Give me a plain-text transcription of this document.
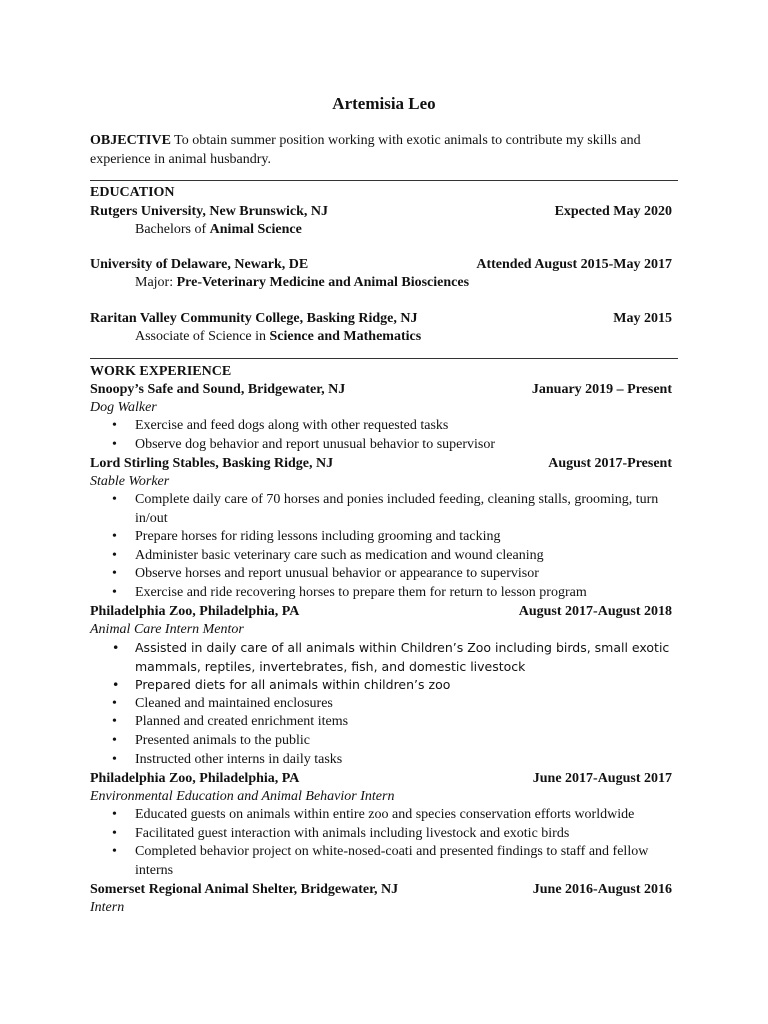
Artemisia Leo
OBJECTIVE To obtain summer position working with exotic animals to contribute my skills and experience in animal husbandry.
EDUCATION
Rutgers University, New Brunswick, NJ	Expected May 2020
Bachelors of Animal Science
University of Delaware, Newark, DE	Attended August 2015-May 2017
Major: Pre-Veterinary Medicine and Animal Biosciences
Raritan Valley Community College, Basking Ridge, NJ	May 2015
Associate of Science in Science and Mathematics
WORK EXPERIENCE
Snoopy’s Safe and Sound, Bridgewater, NJ	January 2019 – Present
Dog Walker
• Exercise and feed dogs along with other requested tasks
• Observe dog behavior and report unusual behavior to supervisor
Lord Stirling Stables, Basking Ridge, NJ	August 2017-Present
Stable Worker
• Complete daily care of 70 horses and ponies included feeding, cleaning stalls, grooming, turn in/out
• Prepare horses for riding lessons including grooming and tacking
• Administer basic veterinary care such as medication and wound cleaning
• Observe horses and report unusual behavior or appearance to supervisor
• Exercise and ride recovering horses to prepare them for return to lesson program
Philadelphia Zoo, Philadelphia, PA	August 2017-August 2018
Animal Care Intern Mentor
• Assisted in daily care of all animals within Children’s Zoo including birds, small exotic mammals, reptiles, invertebrates, fish, and domestic livestock
• Prepared diets for all animals within children’s zoo
• Cleaned and maintained enclosures
• Planned and created enrichment items
• Presented animals to the public
• Instructed other interns in daily tasks
Philadelphia Zoo, Philadelphia, PA	June 2017-August 2017
Environmental Education and Animal Behavior Intern
• Educated guests on animals within entire zoo and species conservation efforts worldwide
• Facilitated guest interaction with animals including livestock and exotic birds
• Completed behavior project on white-nosed-coati and presented findings to staff and fellow interns
Somerset Regional Animal Shelter, Bridgewater, NJ	June 2016-August 2016
Intern
